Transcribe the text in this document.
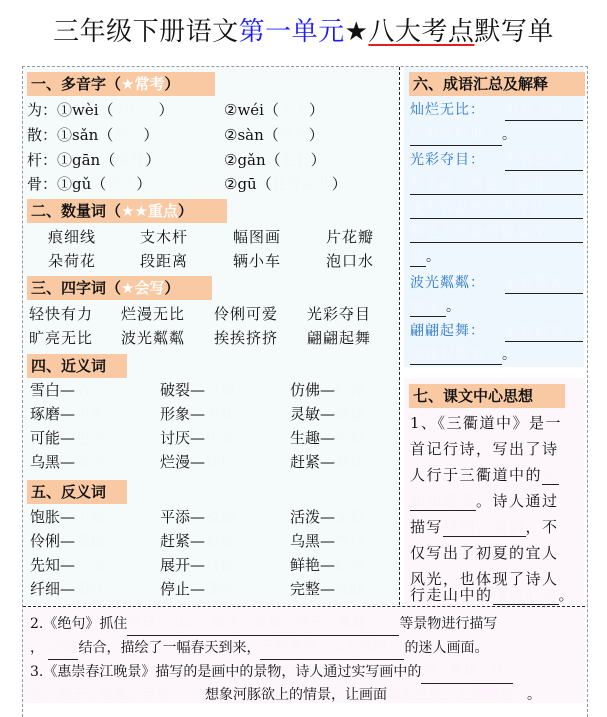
三年级下册语文第一单元★八大考点默写单
一、多音字（★常考）
为：①wèi（为什么）	②wéi（为人）
散：①sǎn（散文）	②sàn（散步）
杆：①gān（旗杆）	②gǎn（笔杆）
骨：①gǔ（骨头）	②gū（花骨朵儿）
二、数量词（★★重点）
痕细线	支木杆	幅图画	片花瓣
朵荷花	段距离	辆小车	泡口水
三、四字词（★会写）
轻快有力 烂漫无比 伶俐可爱 光彩夺目
旷亮无比 波光粼粼 挨挨挤挤 翩翩起舞
四、近义词
雪白—洁白	破裂—分裂	仿佛—好像
琢磨—思考	形象—形状	灵敏—敏捷
可能—也许	讨厌—厌恶	生趣—生机
乌黑—漆黑	烂漫—灿烂	赶紧—赶快
五、反义词
饱胀—干瘪	平添—锐减	活泼—呆板
伶俐—笨拙	赶紧—迟缓	乌黑—雪白
先知—后觉	展开—合拢	鲜艳—暗淡
纤细—粗壮	停止—继续	完整—残缺
六、成语汇总及解释
灿烂无比： 形容天真
烂漫的程度 。
光彩夺目： 形容色彩
的美丽、鲜艳，也用
来形容某些艺术作品
和艺术形象的极高成
就 。
波光粼粼： 形容波光
明净 。
翩翩起舞： 形容轻快
地跳起舞来 。
七、课文中心思想
1、《三衢道中》是一
首记行诗，写出了诗
人行于三衢道中的见
闻和感受。诗人通过
描写绿阴、黄鹂，不
仅写出了初夏的宜人
风光，也体现了诗人
行走山中的愉悦心情。
2.《绝句》抓住迟日、山江、春风、花草、燕子、鸳鸯 等景物进行描写
， 动静 结合，描绘了一幅春天到来，万物复苏、山水秀丽 的迷人画面。
3.《惠崇春江晚景》描写的是画中的景物，诗人通过实写画中的竹、桃花、江
水、鸭子、蒌蒿、芦芽	想象河豚欲上的情景，让画面富有生机、充满情趣 。
